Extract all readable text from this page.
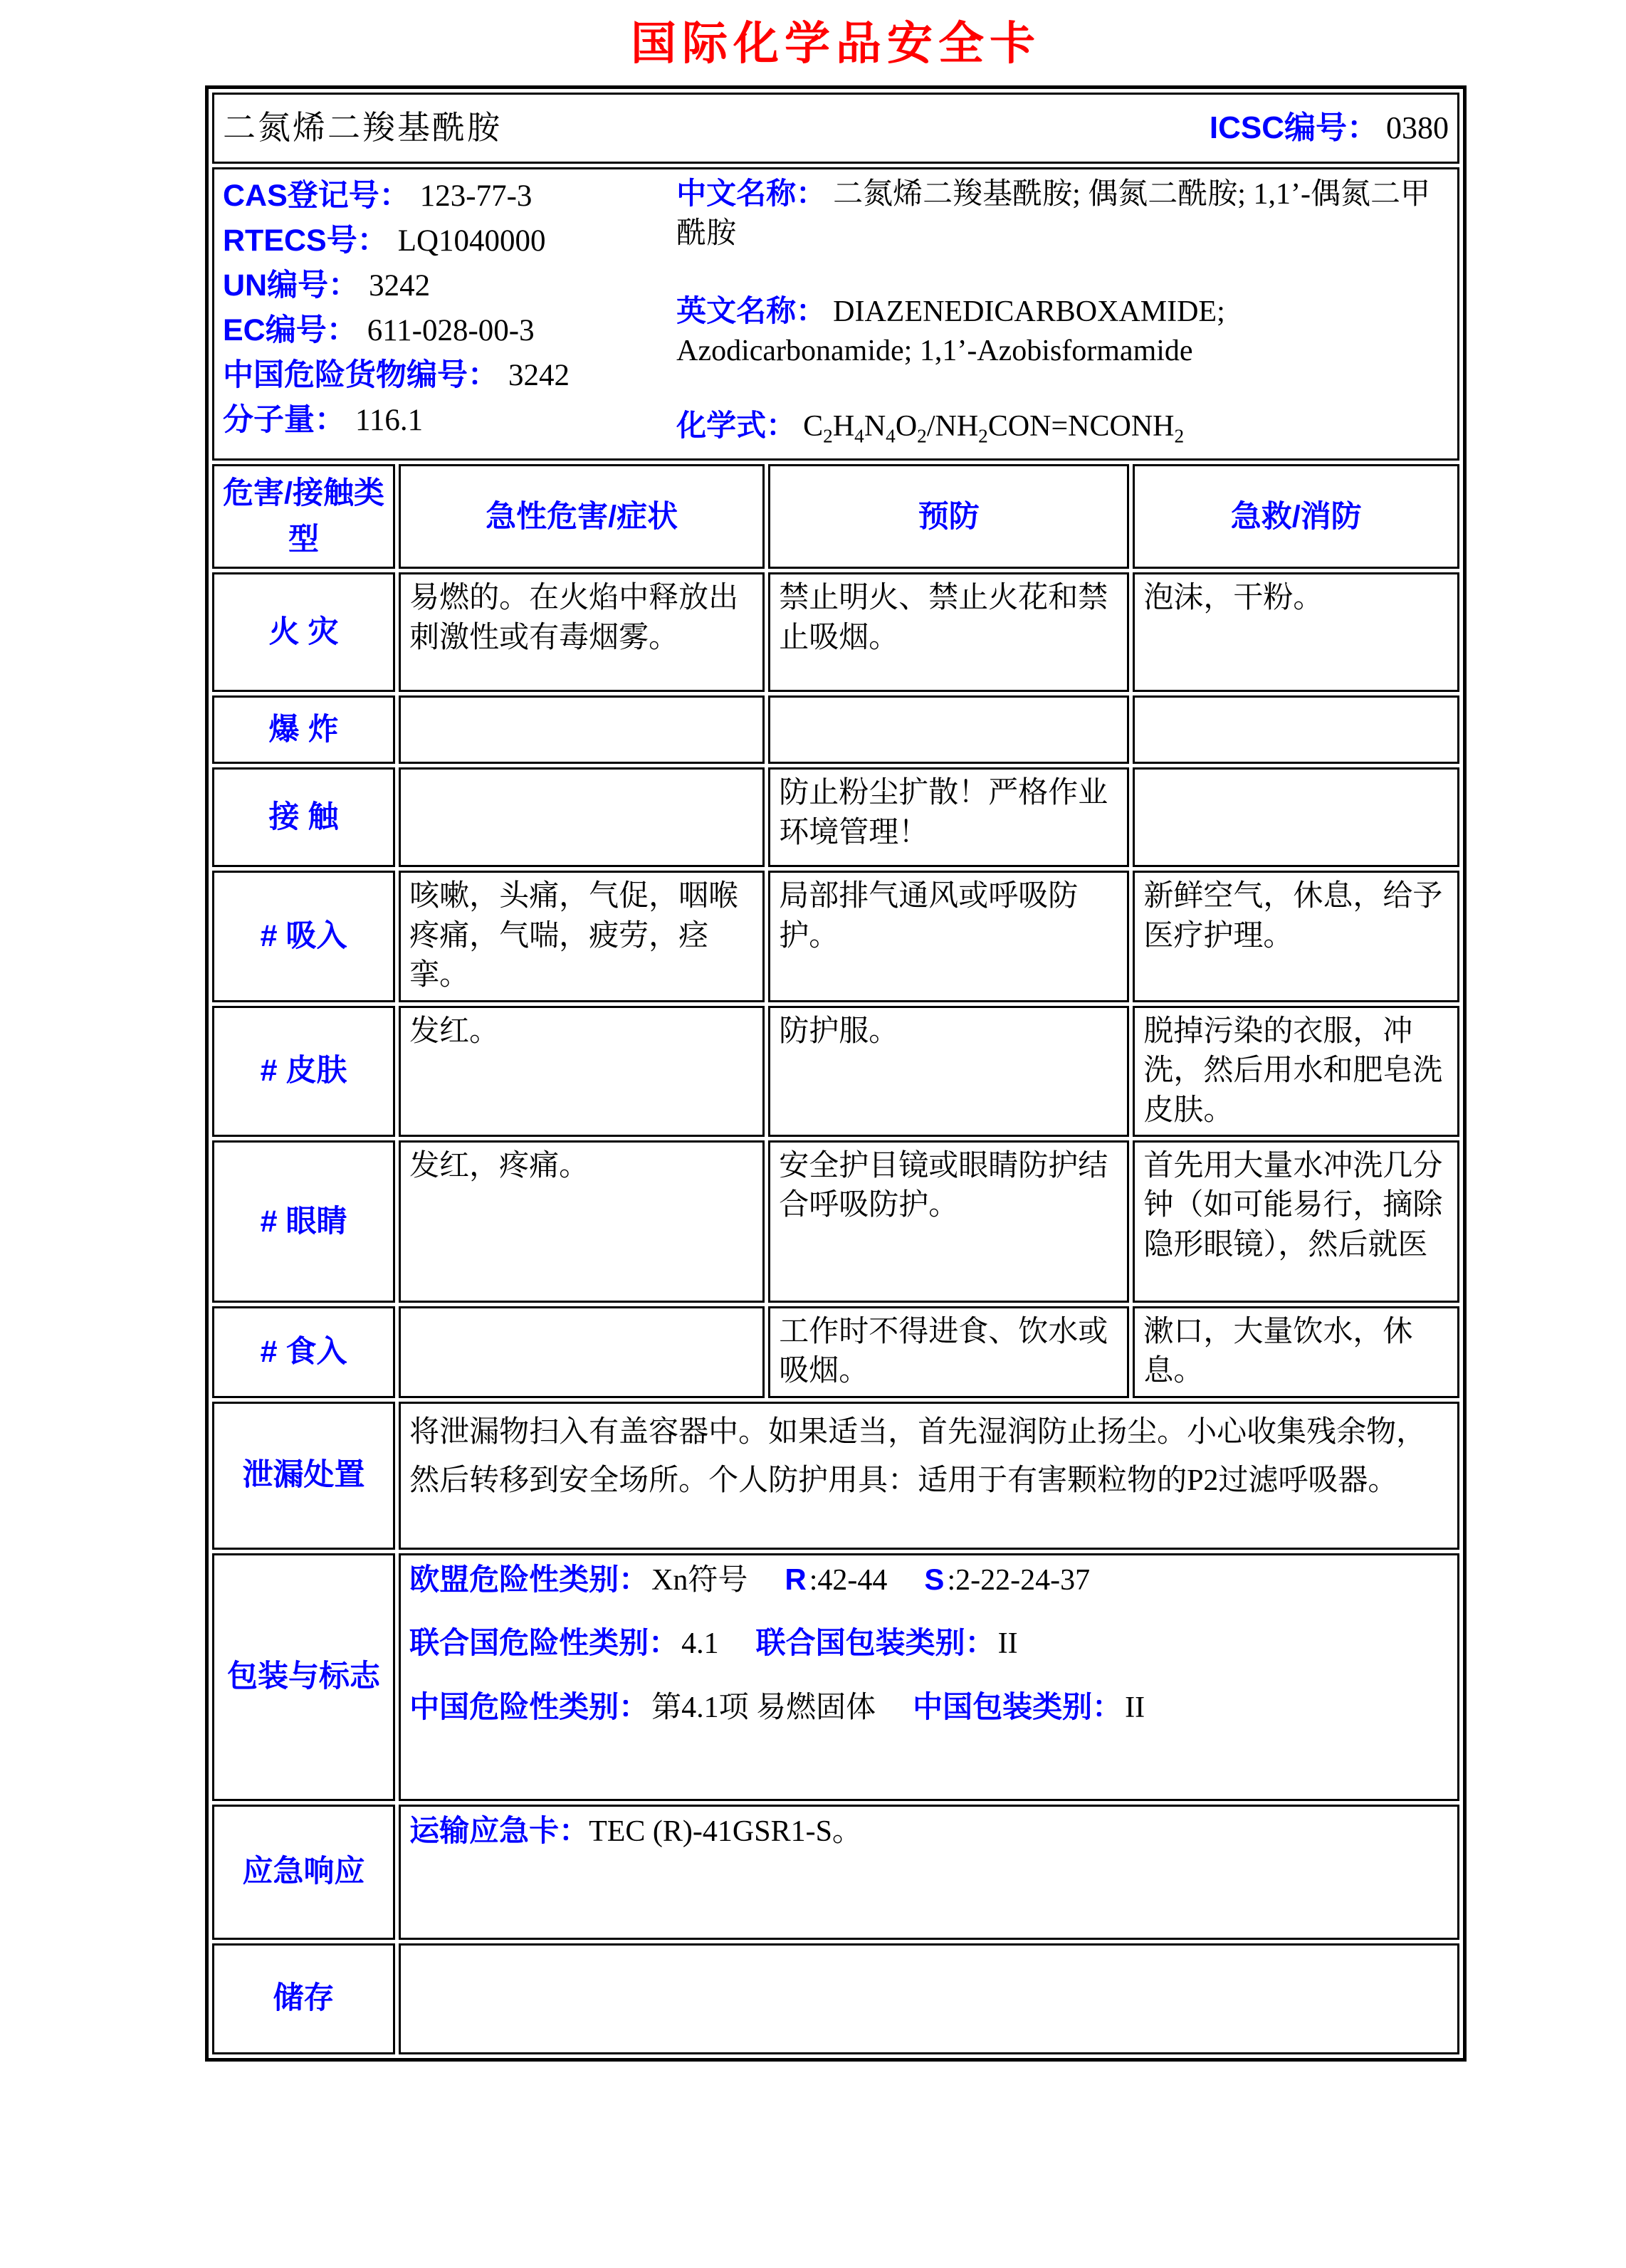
国际化学品安全卡
二氮烯二羧基酰胺 ICSC编号： 0380			

CAS登记号： 123-77-3
RTECS号： LQ1040000
UN编号： 3242
EC编号： 611-028-00-3
中国危险货物编号： 3242
分子量： 116.1
中文名称： 二氮烯二羧基酰胺; 偶氮二酰胺; 1,1’-偶氮二甲酰胺
英文名称： DIAZENEDICARBOXAMIDE; Azodicarbonamide; 1,1’-Azobisformamide
化学式： $C_2H_4N_4O_2/NH_2CON=NCONH_2$

危害/接触类型	急性危害/症状	预防	急救/消防
火 灾	易燃的。在火焰中释放出刺激性或有毒烟雾。	禁止明火、禁止火花和禁止吸烟。	泡沫，干粉。
爆 炸			
接 触		防止粉尘扩散！严格作业环境管理！	
# 吸入	咳嗽，头痛，气促，咽喉疼痛，气喘，疲劳，痉挛。	局部排气通风或呼吸防护。	新鲜空气，休息，给予医疗护理。
# 皮肤	发红。	防护服。	脱掉污染的衣服，冲洗，然后用水和肥皂洗皮肤。
# 眼睛	发红，疼痛。	安全护目镜或眼睛防护结合呼吸防护。	首先用大量水冲洗几分钟（如可能易行，摘除隐形眼镜），然后就医
# 食入		工作时不得进食、饮水或吸烟。	漱口，大量饮水，休息。
泄漏处置	将泄漏物扫入有盖容器中。如果适当，首先湿润防止扬尘。小心收集残余物，然后转移到安全场所。个人防护用具：适用于有害颗粒物的P2过滤呼吸器。		
包装与标志	欧盟危险性类别：Xn符号 R:42-44 S:2-22-24-37
联合国危险性类别：4.1 联合国包装类别：II
中国危险性类别：第4.1项 易燃固体 中国包装类别：II		

应急响应	运输应急卡：TEC (R)-41GSR1-S。		

储存			
